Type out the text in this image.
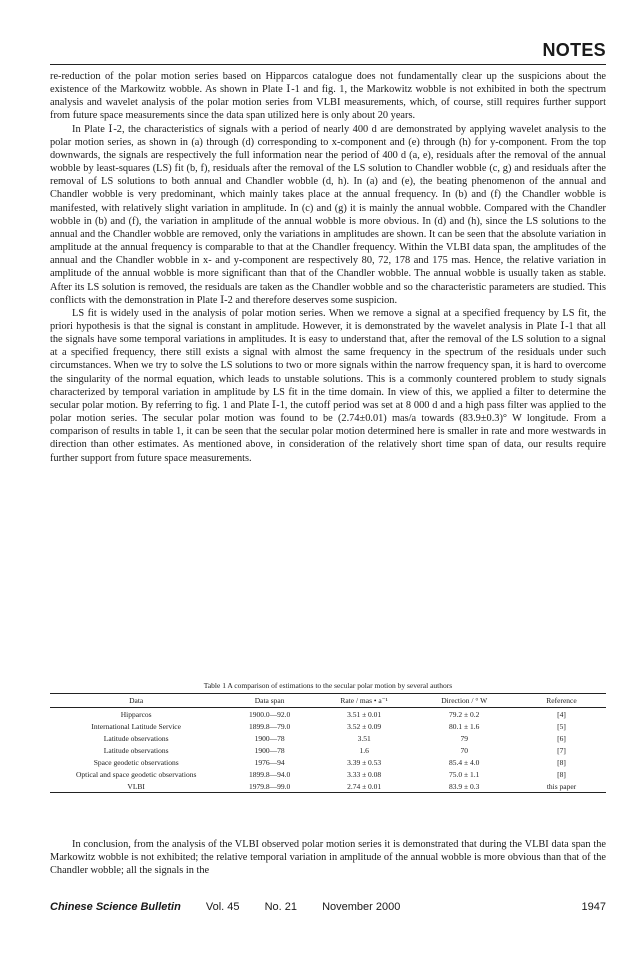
NOTES

re-reduction of the polar motion series based on Hipparcos catalogue does not fundamentally clear up the suspicions about the existence of the Markowitz wobble. As shown in Plate Ⅰ-1 and fig. 1, the Markowitz wobble is not exhibited in both the spectrum analysis and wavelet analysis of the polar motion series from VLBI measurements, which, of course, still requires further support from future space measurements since the data span utilized here is only about 20 years.

In Plate Ⅰ-2, the characteristics of signals with a period of nearly 400 d are demonstrated by applying wavelet analysis to the polar motion series, as shown in (a) through (d) corresponding to x-component and (e) through (h) for y-component. From the top downwards, the signals are respectively the full information near the period of 400 d (a, e), residuals after the removal of the annual wobble by least-squares (LS) fit (b, f), residuals after the removal of the LS solution to Chandler wobble (c, g) and residuals after the removal of LS solutions to both annual and Chandler wobble (d, h). In (a) and (e), the beating phenomenon of the annual and Chandler wobble is very predominant, which mainly takes place at the annual frequency. In (b) and (f) the Chandler wobble is manifested, with relatively slight variation in amplitude. In (c) and (g) it is mainly the annual wobble. Compared with the Chandler wobble in (b) and (f), the variation in amplitude of the annual wobble is more obvious. In (d) and (h), since the LS solutions to the annual and the Chandler wobble are removed, only the variations in amplitudes are shown. It can be seen that the absolute variation in amplitude at the annual frequency is comparable to that at the Chandler frequency. Within the VLBI data span, the amplitudes of the annual and the Chandler wobble in x- and y-component are respectively 80, 72, 178 and 175 mas. Hence, the relative variation in amplitude of the annual wobble is more significant than that of the Chandler wobble. The annual wobble is usually taken as stable. After its LS solution is removed, the residuals are taken as the Chandler wobble and so the characteristic parameters are studied. This conflicts with the demonstration in Plate Ⅰ-2 and therefore deserves some suspicion.

LS fit is widely used in the analysis of polar motion series. When we remove a signal at a specified frequency by LS fit, the priori hypothesis is that the signal is constant in amplitude. However, it is demonstrated by the wavelet analysis in Plate Ⅰ-1 that all the signals have some temporal variations in amplitudes. It is easy to understand that, after the removal of the LS solution to a signal at a specified frequency, there still exists a signal with almost the same frequency in the spectrum of the residuals under such circumstances. When we try to solve the LS solutions to two or more signals within the narrow frequency span, it is hard to overcome the singularity of the normal equation, which leads to unstable solutions. This is a commonly countered problem to study signals characterized by temporal variation in amplitude by LS fit in the time domain. In view of this, we applied a filter to determine the secular polar motion. By referring to fig. 1 and Plate Ⅰ-1, the cutoff period was set at 8 000 d and a high pass filter was applied to the polar motion series. The secular polar motion was found to be (2.74±0.01) mas/a towards (83.9±0.3)° W longitude. From a comparison of results in table 1, it can be seen that the secular polar motion determined here is smaller in rate and more westwards in direction than other estimates. As mentioned above, in consideration of the relatively short time span of data, our results require further support from future space measurements.

Table 1 A comparison of estimations to the secular polar motion by several authors
Data	Data span	Rate / mas • a⁻¹	Direction / ° W	Reference
Hipparcos	1900.0—92.0	3.51 ± 0.01	79.2 ± 0.2	[4]
International Latitude Service	1899.8—79.0	3.52 ± 0.09	80.1 ± 1.6	[5]
Latitude observations	1900—78	3.51	79	[6]
Latitude observations	1900—78	1.6	70	[7]
Space geodetic observations	1976—94	3.39 ± 0.53	85.4 ± 4.0	[8]
Optical and space geodetic observations	1899.8—94.0	3.33 ± 0.08	75.0 ± 1.1	[8]
VLBI	1979.8—99.0	2.74 ± 0.01	83.9 ± 0.3	this paper

In conclusion, from the analysis of the VLBI observed polar motion series it is demonstrated that during the VLBI data span the Markowitz wobble is not exhibited; the relative temporal variation in amplitude of the annual wobble is more obvious than that of the Chandler wobble; all the signals in the

Chinese Science Bulletin Vol. 45 No. 21 November 2000	1947
